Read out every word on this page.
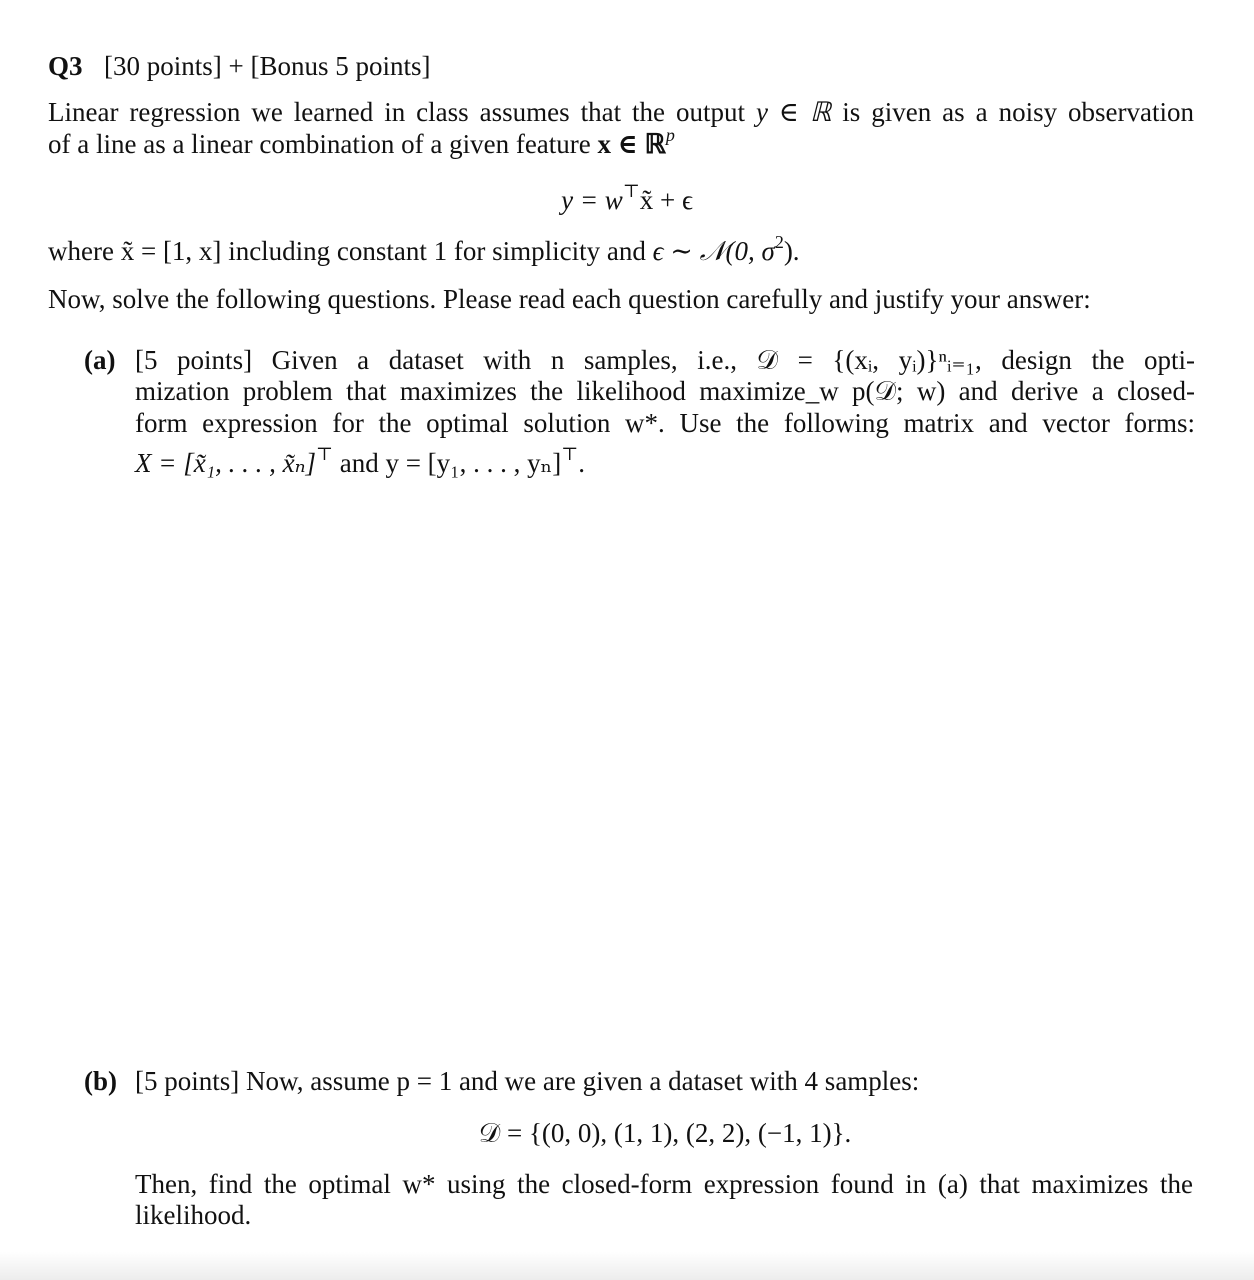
Q3 [30 points] + [Bonus 5 points]
Linear regression we learned in class assumes that the output y ∈ ℝ is given as a noisy observation
of a line as a linear combination of a given feature x ∈ ℝ$^p$
y = w⊤x̃ + ϵ
where x̃ = [1, x] including constant 1 for simplicity and ϵ ∼ 𝒩(0, $\sigma^2$).
Now, solve the following questions. Please read each question carefully and justify your answer:
(a) [5 points] Given a dataset with n samples, i.e., 𝒟 = {(xᵢ, yᵢ)}ⁿᵢ₌₁, design the opti-
mization problem that maximizes the likelihood maximize_w p(𝒟; w) and derive a closed-
form expression for the optimal solution w*. Use the following matrix and vector forms:
X = [x̃₁, . . . , x̃ₙ]⊤ and y = [y₁, . . . , yₙ]⊤.
(b) [5 points] Now, assume p = 1 and we are given a dataset with 4 samples:
𝒟 = {(0, 0), (1, 1), (2, 2), (−1, 1)}.
Then, find the optimal w* using the closed-form expression found in (a) that maximizes the
likelihood.
